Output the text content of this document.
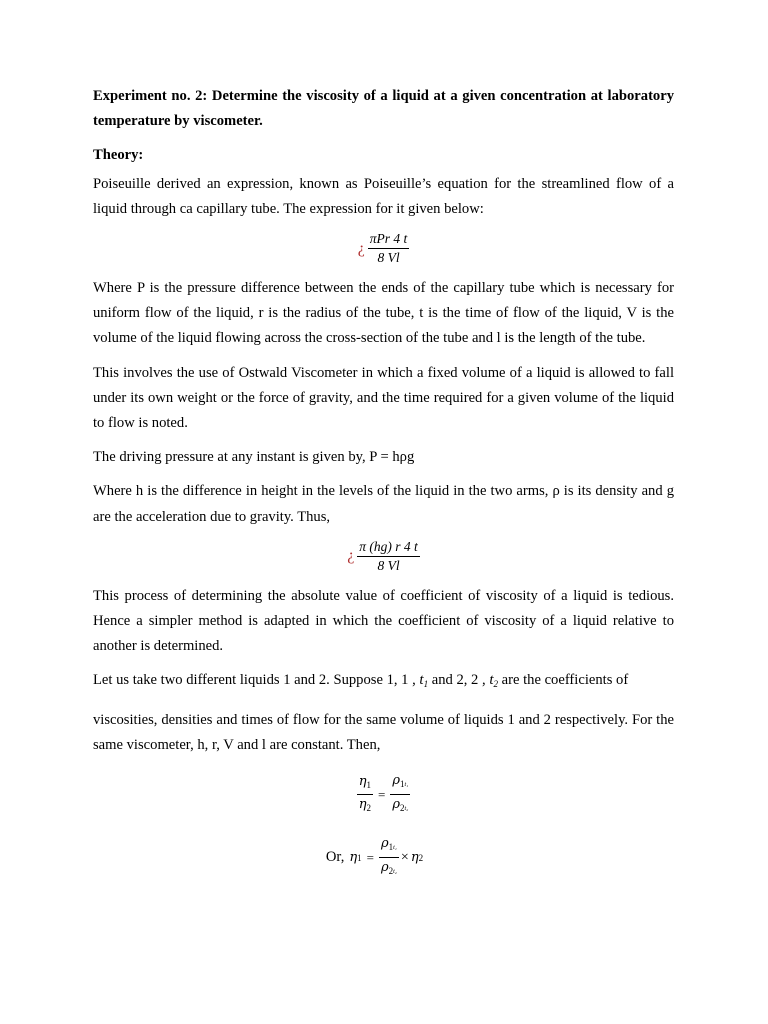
Experiment no. 2: Determine the viscosity of a liquid at a given concentration at laboratory temperature by viscometer.

Theory:

Poiseuille derived an expression, known as Poiseuille’s equation for the streamlined flow of a liquid through ca capillary tube. The expression for it given below:

¿ $\frac{\text{πPr 4 t}}{8 Vl}$

Where P is the pressure difference between the ends of the capillary tube which is necessary for uniform flow of the liquid, r is the radius of the tube, t is the time of flow of the liquid, V is the volume of the liquid flowing across the cross-section of the tube and l is the length of the tube.

This involves the use of Ostwald Viscometer in which a fixed volume of a liquid is allowed to fall under its own weight or the force of gravity, and the time required for a given volume of the liquid to flow is noted.

The driving pressure at any instant is given by, P = hρg

Where h is the difference in height in the levels of the liquid in the two arms, ρ is its density and g are the acceleration due to gravity. Thus,

¿ $\frac{\pi (hg) r 4 t}{8 Vl}$

This process of determining the absolute value of coefficient of viscosity of a liquid is tedious. Hence a simpler method is adapted in which the coefficient of viscosity of a liquid relative to another is determined.

Let us take two different liquids 1 and 2. Suppose 1, 1 , $t_1$ and 2, 2 , $t_2$ are the coefficients of

viscosities, densities and times of flow for the same volume of liquids 1 and 2 respectively. For the same viscometer, h, r, V and l are constant. Then,

$\frac{\eta_1}{\eta_2} = \frac{\rho_1t_1}{\rho_2t_2}$
Or, η $1 = \frac{\rho_1t_1}{\rho_2t_2} \times \eta$ 2
